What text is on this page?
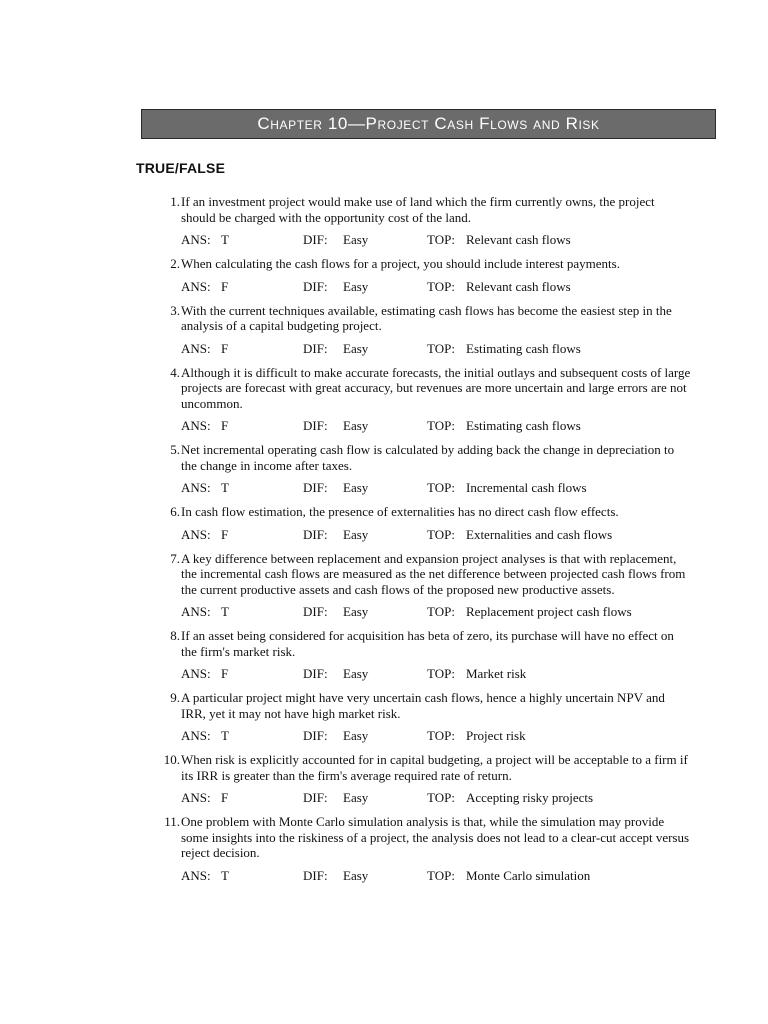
Chapter 10—Project Cash Flows and Risk
TRUE/FALSE
1. If an investment project would make use of land which the firm currently owns, the project
should be charged with the opportunity cost of the land.
ANS: T	DIF:	Easy	TOP: Relevant cash flows
2. When calculating the cash flows for a project, you should include interest payments.
ANS: F	DIF:	Easy	TOP: Relevant cash flows
3. With the current techniques available, estimating cash flows has become the easiest step in the
analysis of a capital budgeting project.
ANS: F	DIF:	Easy	TOP: Estimating cash flows
4. Although it is difficult to make accurate forecasts, the initial outlays and subsequent costs of large
projects are forecast with great accuracy, but revenues are more uncertain and large errors are not
uncommon.
ANS: F	DIF:	Easy	TOP: Estimating cash flows
5. Net incremental operating cash flow is calculated by adding back the change in depreciation to
the change in income after taxes.
ANS: T	DIF:	Easy	TOP: Incremental cash flows
6. In cash flow estimation, the presence of externalities has no direct cash flow effects.
ANS: F	DIF:	Easy	TOP: Externalities and cash flows
7. A key difference between replacement and expansion project analyses is that with replacement,
the incremental cash flows are measured as the net difference between projected cash flows from
the current productive assets and cash flows of the proposed new productive assets.
ANS: T	DIF:	Easy	TOP: Replacement project cash flows
8. If an asset being considered for acquisition has beta of zero, its purchase will have no effect on
the firm's market risk.
ANS: F	DIF:	Easy	TOP: Market risk
9. A particular project might have very uncertain cash flows, hence a highly uncertain NPV and
IRR, yet it may not have high market risk.
ANS: T	DIF:	Easy	TOP: Project risk
10. When risk is explicitly accounted for in capital budgeting, a project will be acceptable to a firm if
its IRR is greater than the firm's average required rate of return.
ANS: F	DIF:	Easy	TOP: Accepting risky projects
11. One problem with Monte Carlo simulation analysis is that, while the simulation may provide
some insights into the riskiness of a project, the analysis does not lead to a clear-cut accept versus
reject decision.
ANS: T	DIF:	Easy	TOP: Monte Carlo simulation
